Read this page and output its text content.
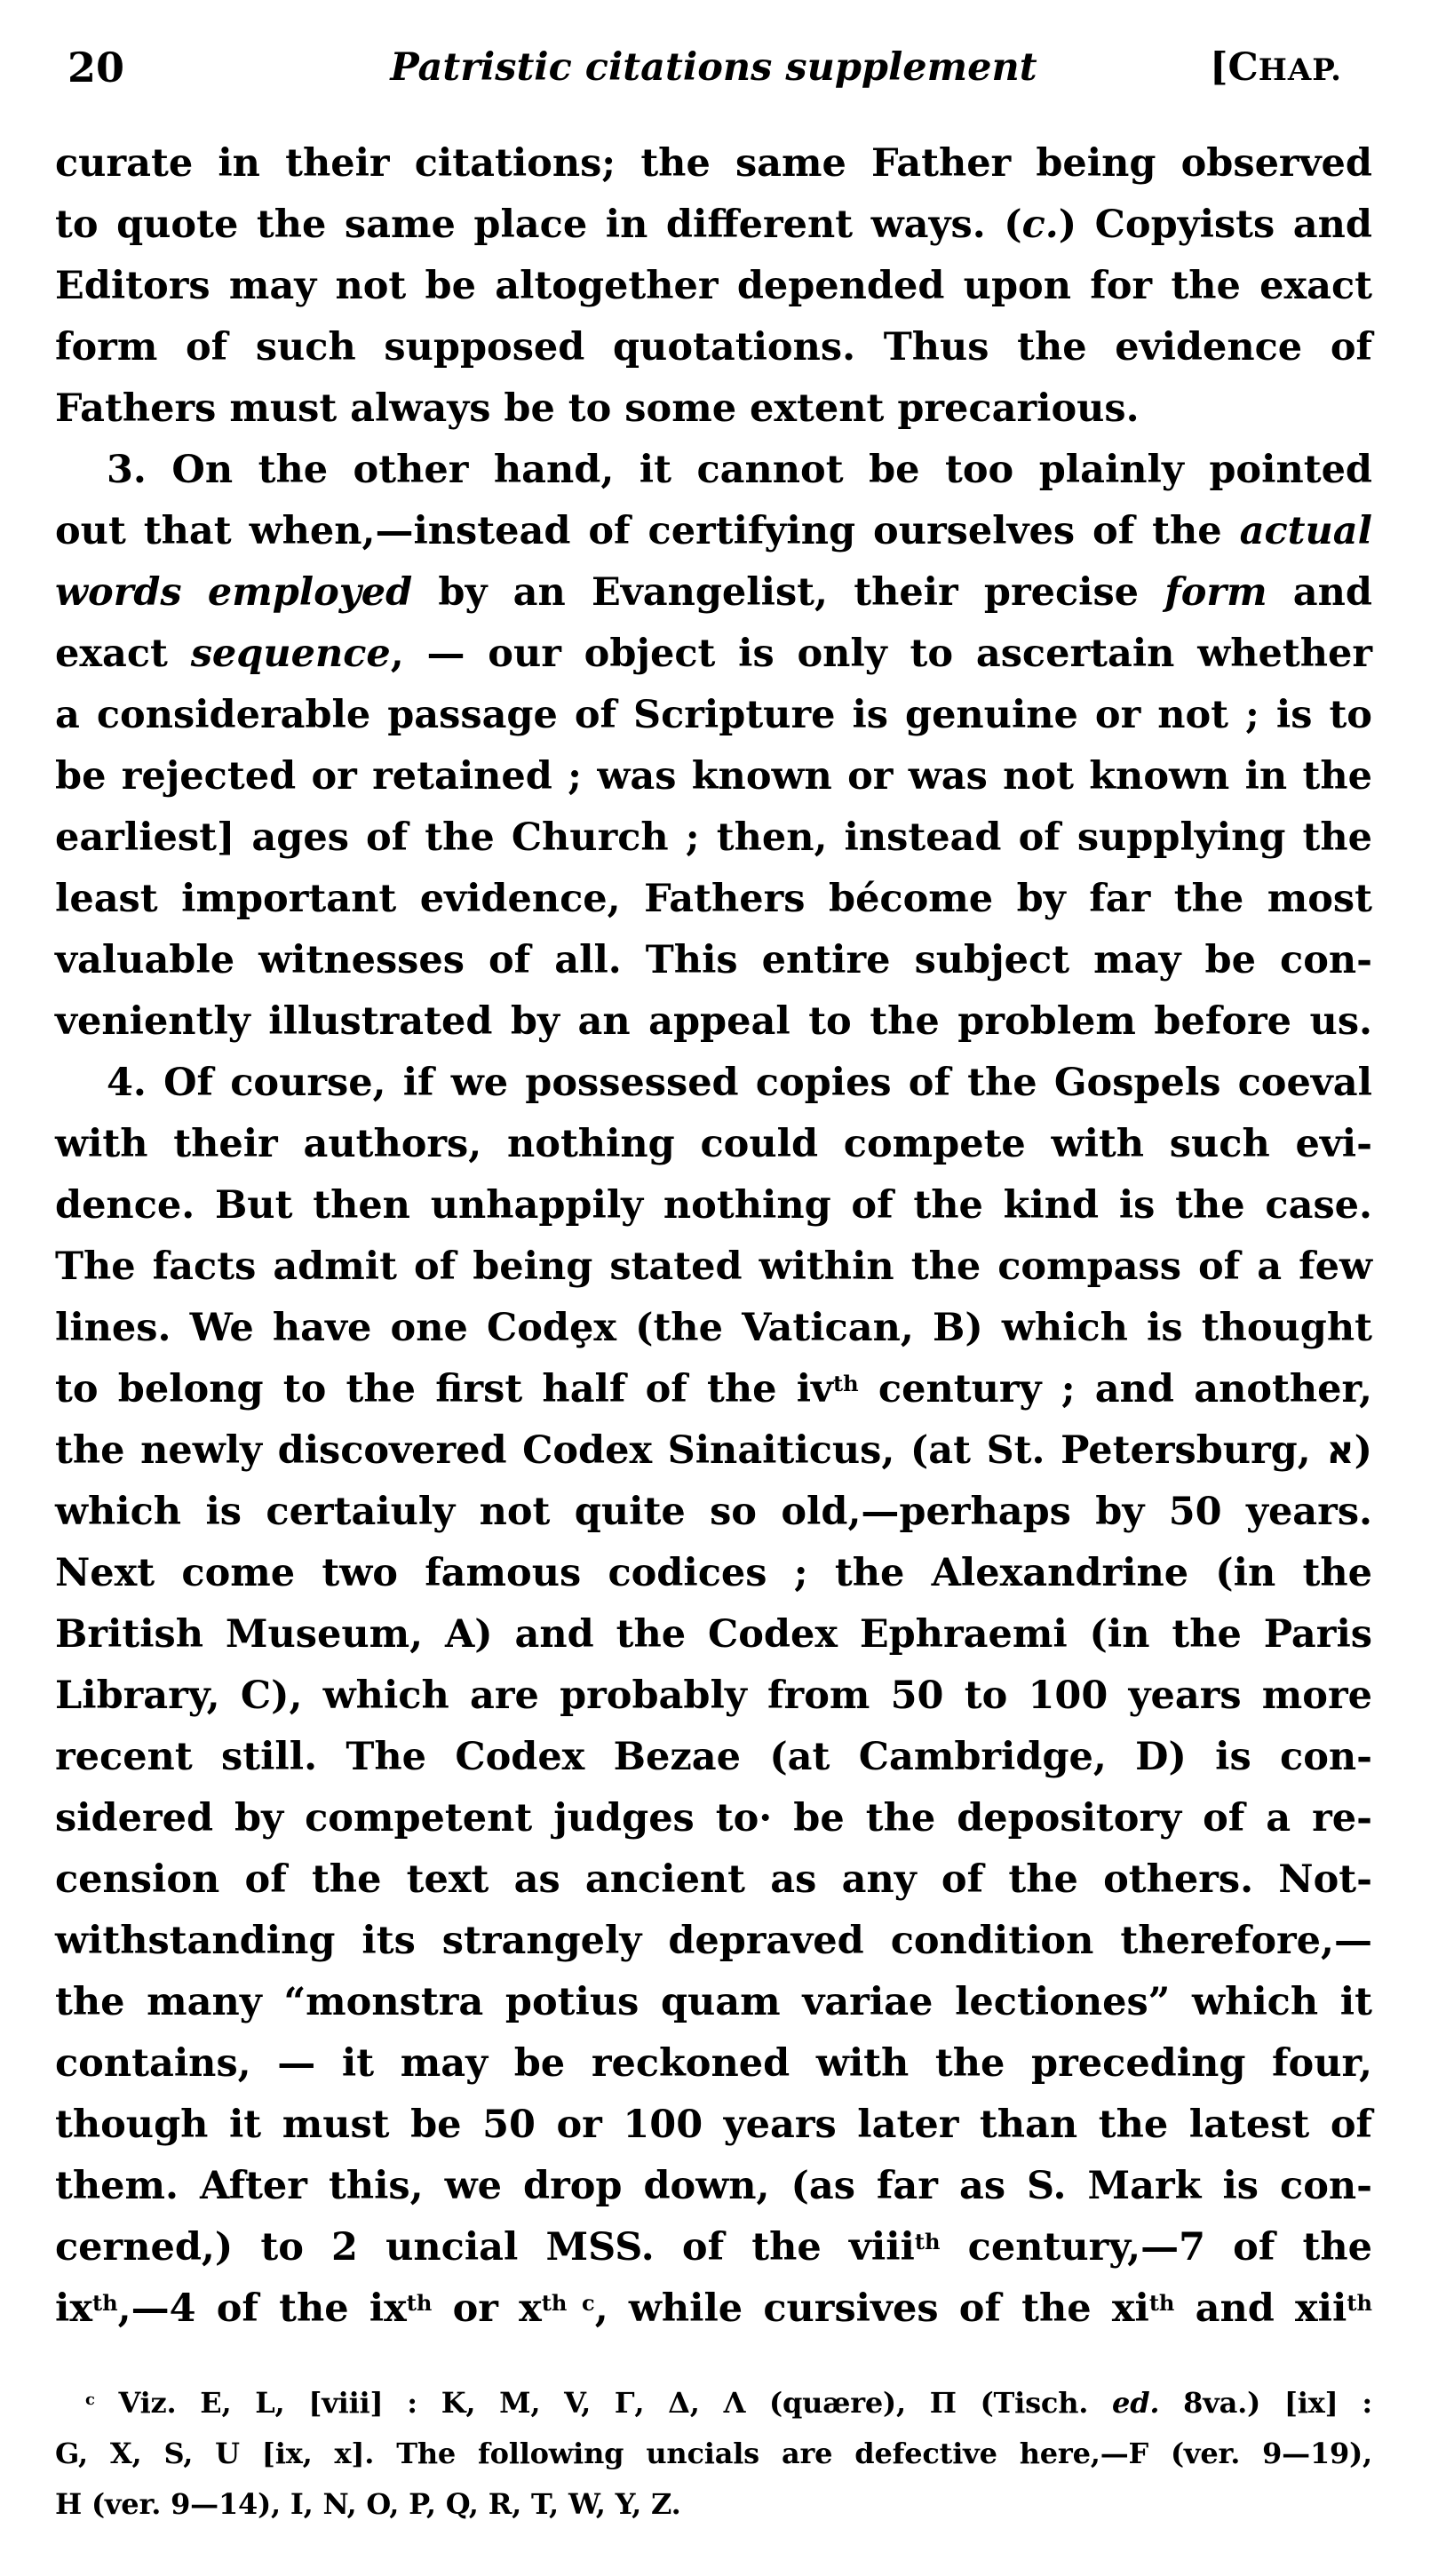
20	Patristic citations supplement	[CHAP.
curate in their citations; the same Father being observed
to quote the same place in different ways. (c.) Copyists and
Editors may not be altogether depended upon for the exact
form of such supposed quotations. Thus the evidence of
Fathers must always be to some extent precarious.
3. On the other hand, it cannot be too plainly pointed
out that when,—instead of certifying ourselves of the actual
words employed by an Evangelist, their precise form and
exact sequence, — our object is only to ascertain whether
a considerable passage of Scripture is genuine or not ; is to
be rejected or retained ; was known or was not known in the
earliest] ages of the Church ; then, instead of supplying the
least important evidence, Fathers bécome by far the most
valuable witnesses of all. This entire subject may be con-
veniently illustrated by an appeal to the problem before us.
4. Of course, if we possessed copies of the Gospels coeval
with their authors, nothing could compete with such evi-
dence. But then unhappily nothing of the kind is the case.
The facts admit of being stated within the compass of a few
lines. We have one Codȩx (the Vatican, B) which is thought
to belong to the first half of the $iv^{th}$ century ; and another,
the newly discovered Codex Sinaiticus, (at St. Petersburg, א)
which is certaiuly not quite so old,—perhaps by 50 years.
Next come two famous codices ; the Alexandrine (in the
British Museum, A) and the Codex Ephraemi (in the Paris
Library, C), which are probably from 50 to 100 years more
recent still. The Codex Bezae (at Cambridge, D) is con-
sidered by competent judges to· be the depository of a re-
cension of the text as ancient as any of the others. Not-
withstanding its strangely depraved condition therefore,—
the many “monstra potius quam variae lectiones” which it
contains, — it may be reckoned with the preceding four,
though it must be 50 or 100 years later than the latest of
them. After this, we drop down, (as far as S. Mark is con-
cerned,) to 2 uncial MSS. of the viii$^{th}$ century,—7 of the
$ix^{th},—4$ of the $ix^{th}$ or $x^{th c}$, while cursives of the $xi^{th}$ and xii$^{th}$
$^c$ Viz. E, L, [viii] : K, M, V, Γ, Δ, Λ (quære), Π (Tisch. ed. 8va.) [ix] :
G, X, S, U [ix, x]. The following uncials are defective here,—F (ver. 9—19),
H (ver. 9—14), I, N, O, P, Q, R, T, W, Y, Z.
